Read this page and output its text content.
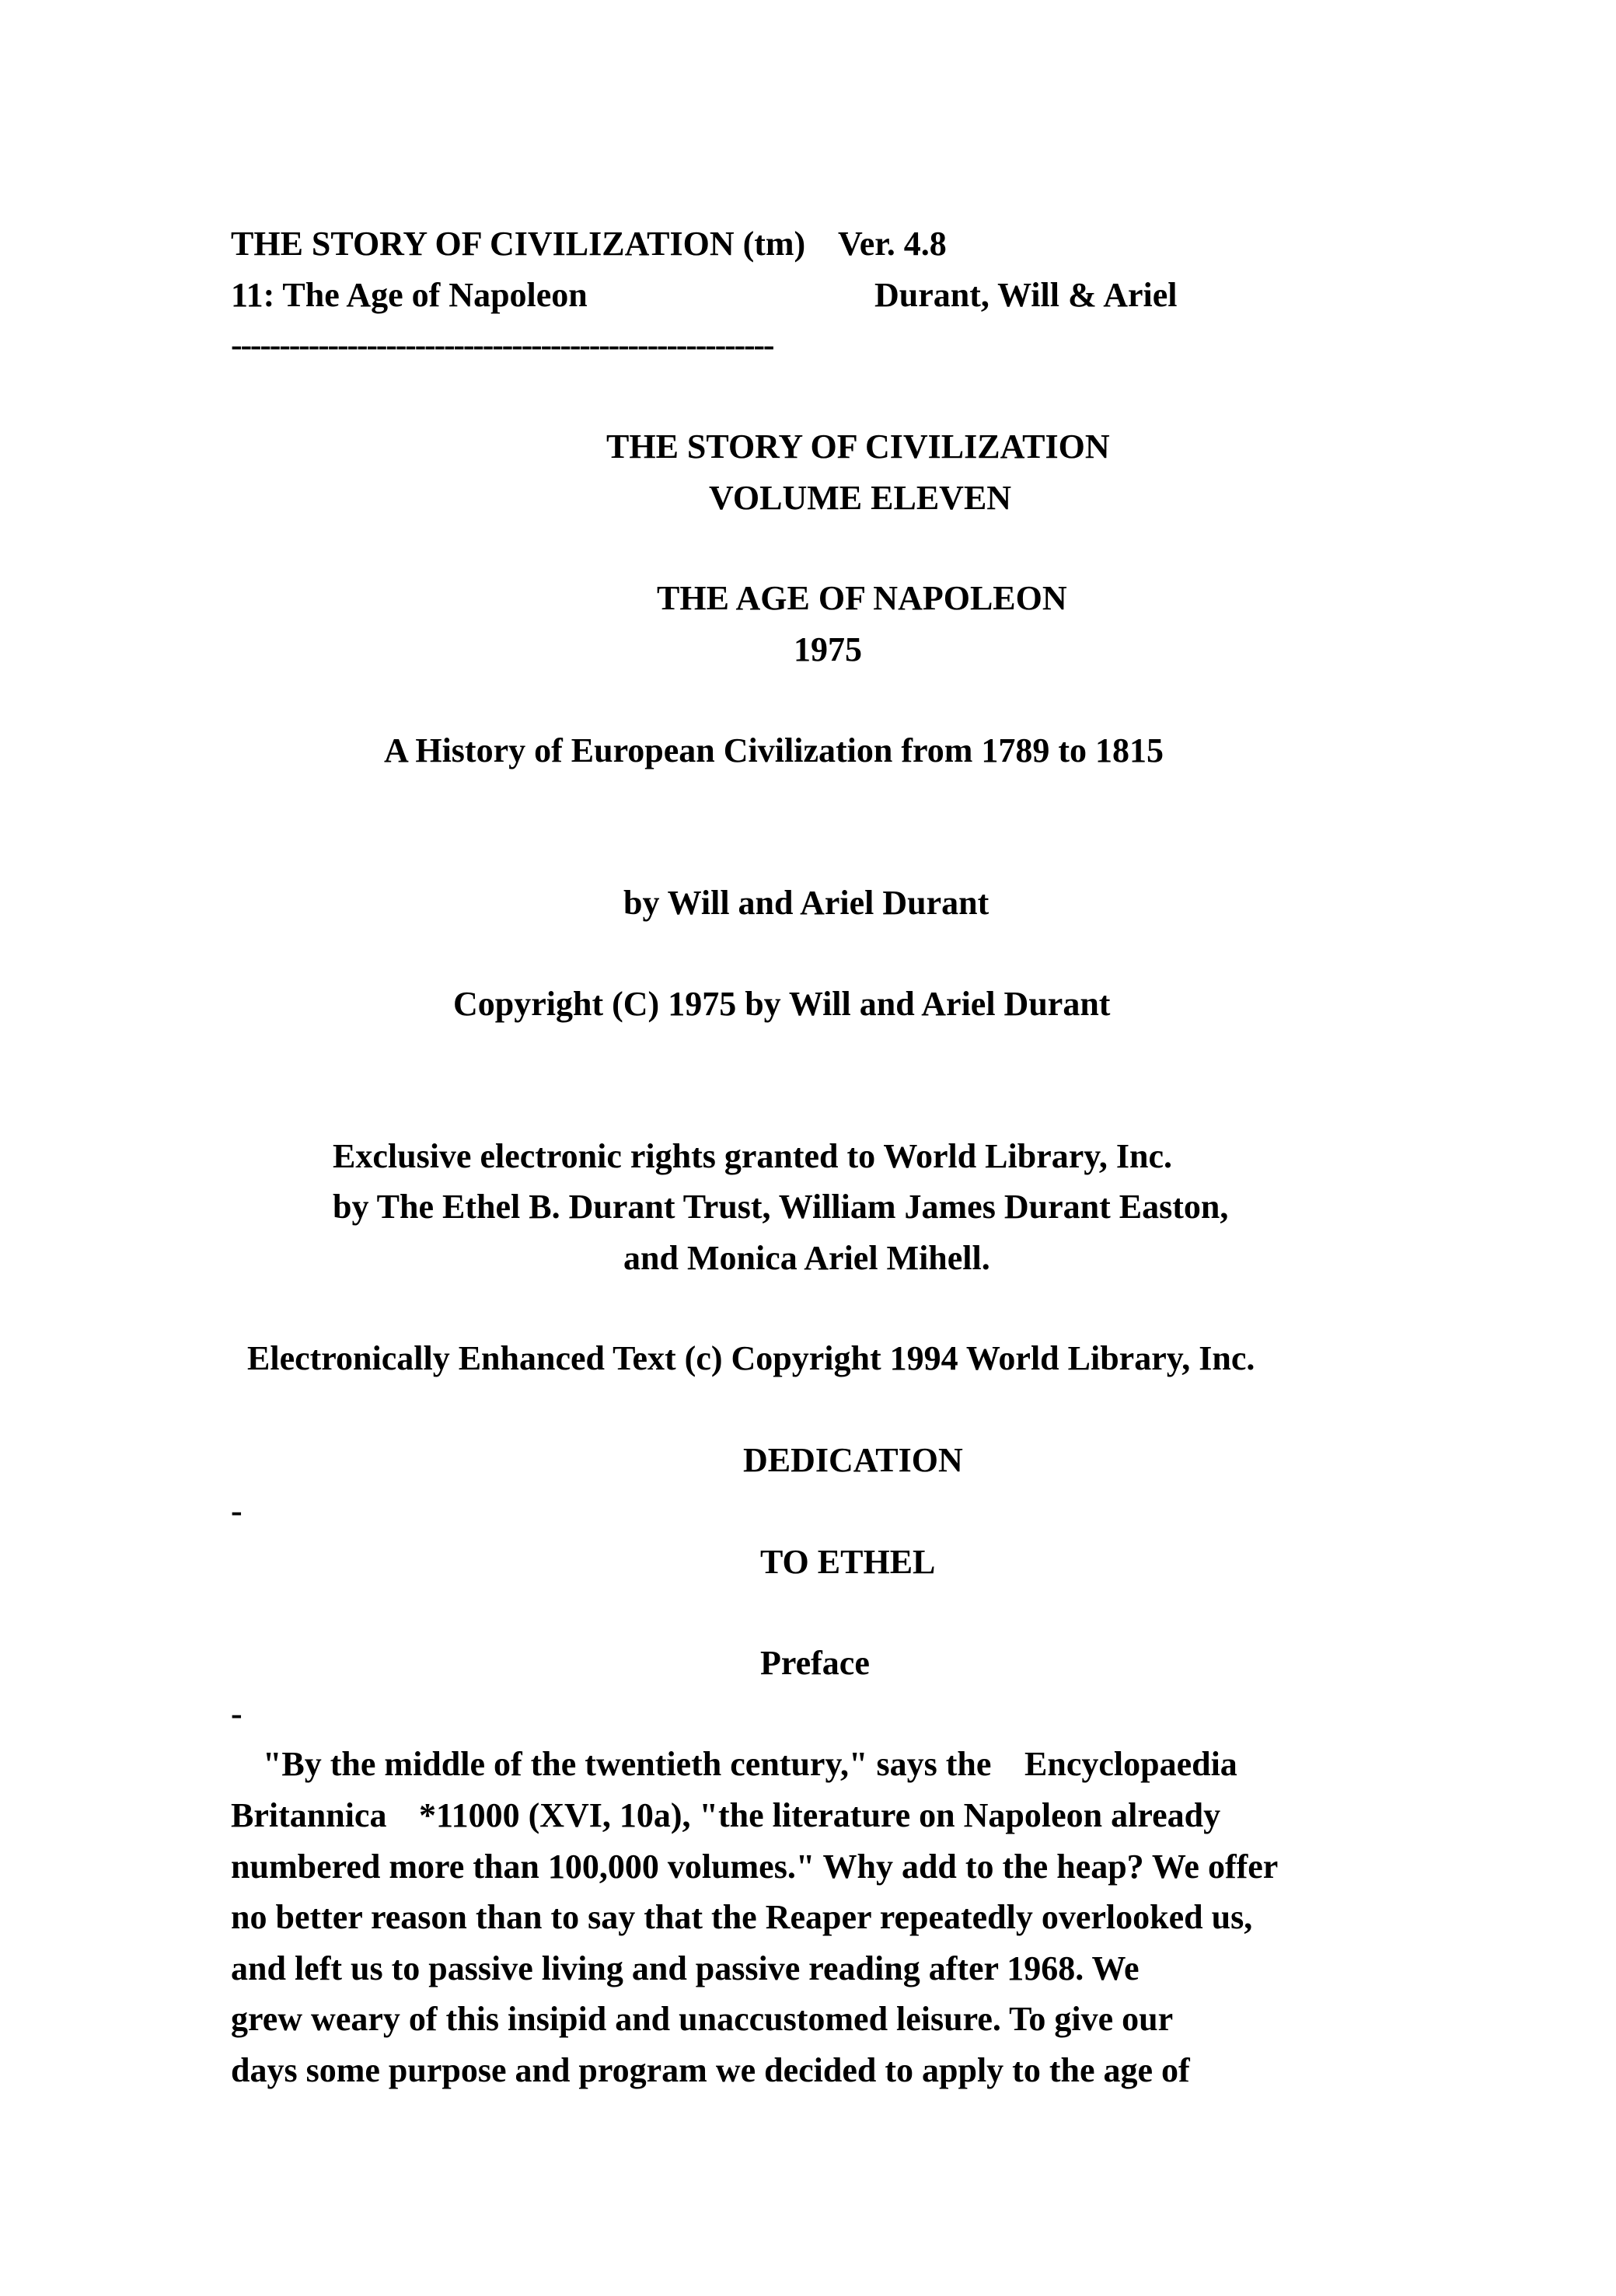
THE STORY OF CIVILIZATION (tm) Ver. 4.8
11: The Age of Napoleon	Durant, Will & Ariel
--------------------------------------------------------
THE STORY OF CIVILIZATION
VOLUME ELEVEN
THE AGE OF NAPOLEON
1975
A History of European Civilization from 1789 to 1815
by Will and Ariel Durant
Copyright (C) 1975 by Will and Ariel Durant
Exclusive electronic rights granted to World Library, Inc.
by The Ethel B. Durant Trust, William James Durant Easton,
and Monica Ariel Mihell.
Electronically Enhanced Text (c) Copyright 1994 World Library, Inc.
DEDICATION
-
TO ETHEL
Preface
-
"By the middle of the twentieth century," says the Encyclopaedia
Britannica *11000 (XVI, 10a), "the literature on Napoleon already
numbered more than 100,000 volumes." Why add to the heap? We offer
no better reason than to say that the Reaper repeatedly overlooked us,
and left us to passive living and passive reading after 1968. We
grew weary of this insipid and unaccustomed leisure. To give our
days some purpose and program we decided to apply to the age of
